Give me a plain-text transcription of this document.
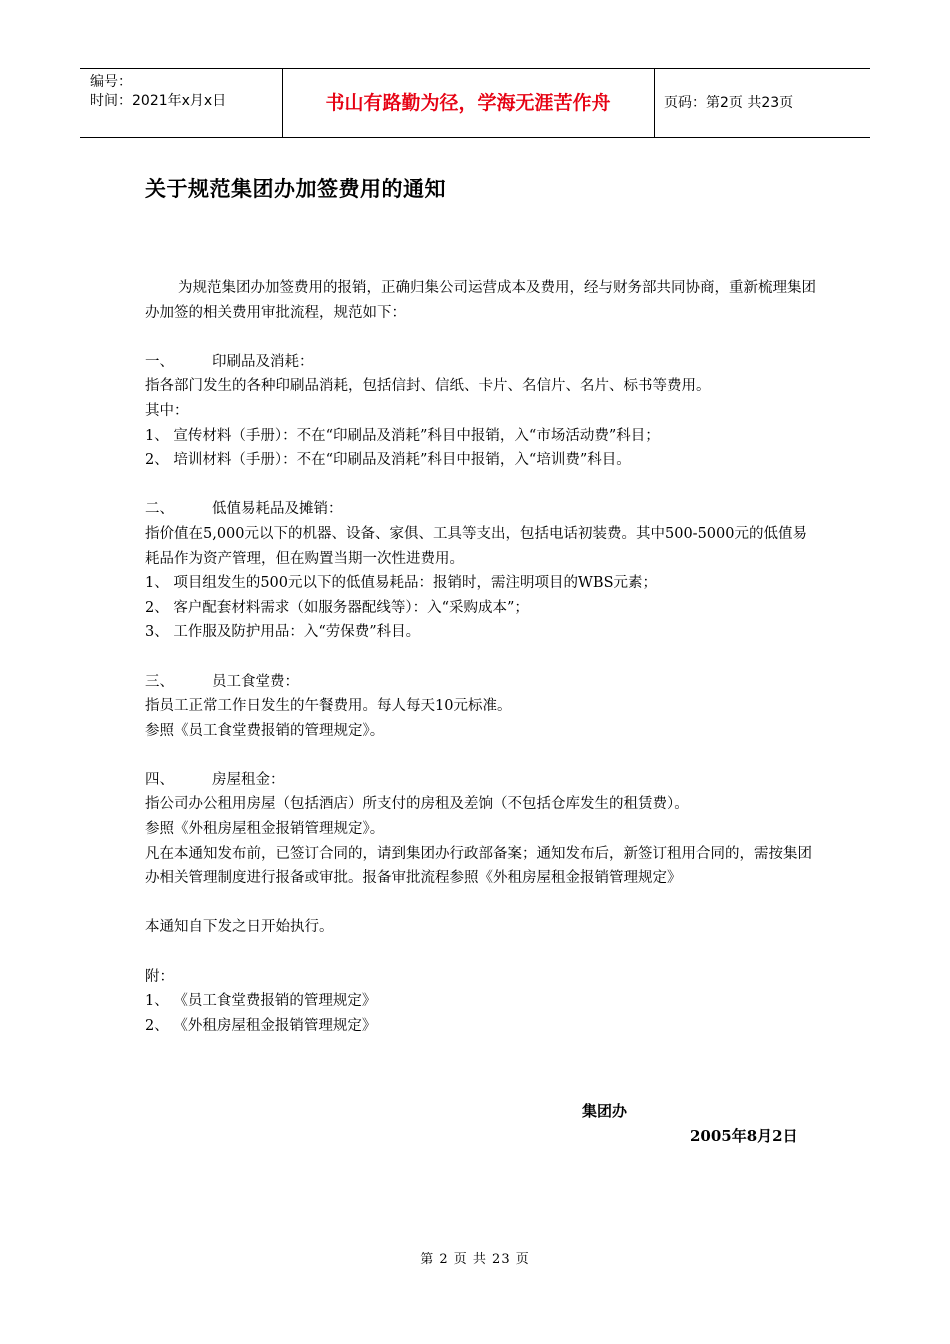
编号：
时间：2021年x月x日	书山有路勤为径，学海无涯苦作舟	页码：第2页 共23页
关于规范集团办加签费用的通知

为规范集团办加签费用的报销，正确归集公司运营成本及费用，经与财务部共同协商，重新梳理集团办加签的相关费用审批流程，规范如下：

一、	印刷品及消耗：

指各部门发生的各种印刷品消耗，包括信封、信纸、卡片、名信片、名片、标书等费用。

其中：

1、 宣传材料（手册）：不在“印刷品及消耗”科目中报销，入“市场活动费”科目；

2、 培训材料（手册）：不在“印刷品及消耗”科目中报销，入“培训费”科目。

二、	低值易耗品及摊销：

指价值在5,000元以下的机器、设备、家俱、工具等支出，包括电话初装费。其中500-5000元的低值易耗品作为资产管理，但在购置当期一次性进费用。

1、 项目组发生的500元以下的低值易耗品：报销时，需注明项目的WBS元素；

2、 客户配套材料需求（如服务器配线等）：入“采购成本”；

3、 工作服及防护用品：入“劳保费”科目。

三、	员工食堂费：

指员工正常工作日发生的午餐费用。每人每天10元标准。

参照《员工食堂费报销的管理规定》。

四、	房屋租金：

指公司办公租用房屋（包括酒店）所支付的房租及差饷（不包括仓库发生的租赁费）。

参照《外租房屋租金报销管理规定》。

凡在本通知发布前，已签订合同的，请到集团办行政部备案；通知发布后，新签订租用合同的，需按集团办相关管理制度进行报备或审批。报备审批流程参照《外租房屋租金报销管理规定》

本通知自下发之日开始执行。

附：

1、 《员工食堂费报销的管理规定》

2、 《外租房屋租金报销管理规定》

集团办
2005年8月2日
第 2 页 共 23 页
